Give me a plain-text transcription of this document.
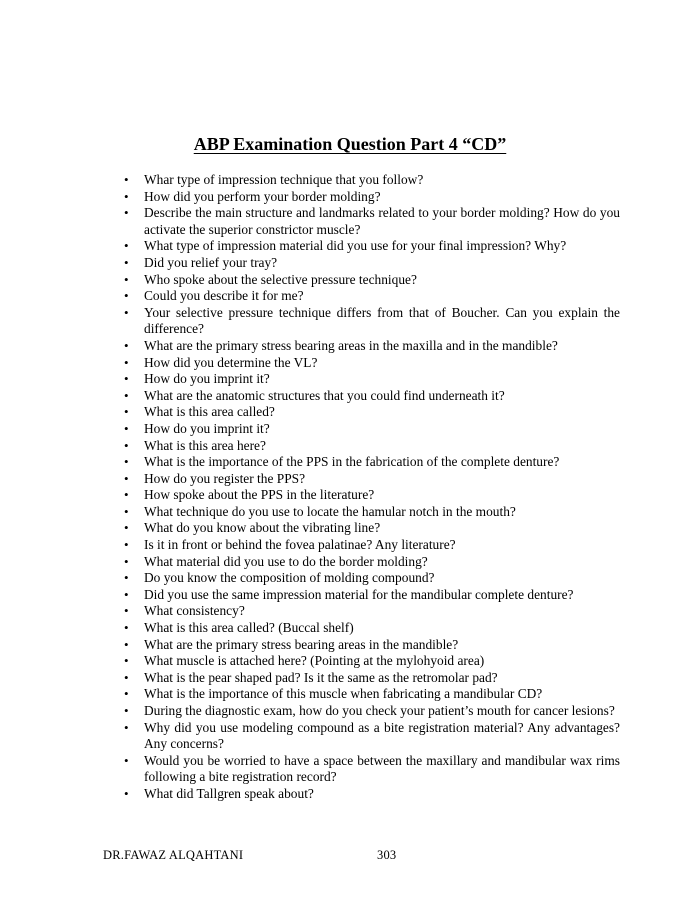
ABP Examination Question Part 4 “CD”
• Whar type of impression technique that you follow?
• How did you perform your border molding?
• Describe the main structure and landmarks related to your border molding? How do you activate the superior constrictor muscle?
• What type of impression material did you use for your final impression? Why?
• Did you relief your tray?
• Who spoke about the selective pressure technique?
• Could you describe it for me?
• Your selective pressure technique differs from that of Boucher. Can you explain the difference?
• What are the primary stress bearing areas in the maxilla and in the mandible?
• How did you determine the VL?
• How do you imprint it?
• What are the anatomic structures that you could find underneath it?
• What is this area called?
• How do you imprint it?
• What is this area here?
• What is the importance of the PPS in the fabrication of the complete denture?
• How do you register the PPS?
• How spoke about the PPS in the literature?
• What technique do you use to locate the hamular notch in the mouth?
• What do you know about the vibrating line?
• Is it in front or behind the fovea palatinae? Any literature?
• What material did you use to do the border molding?
• Do you know the composition of molding compound?
• Did you use the same impression material for the mandibular complete denture?
• What consistency?
• What is this area called? (Buccal shelf)
• What are the primary stress bearing areas in the mandible?
• What muscle is attached here? (Pointing at the mylohyoid area)
• What is the pear shaped pad? Is it the same as the retromolar pad?
• What is the importance of this muscle when fabricating a mandibular CD?
• During the diagnostic exam, how do you check your patient’s mouth for cancer lesions?
• Why did you use modeling compound as a bite registration material? Any advantages? Any concerns?
• Would you be worried to have a space between the maxillary and mandibular wax rims following a bite registration record?
• What did Tallgren speak about?
DR.FAWAZ ALQAHTANI	303
